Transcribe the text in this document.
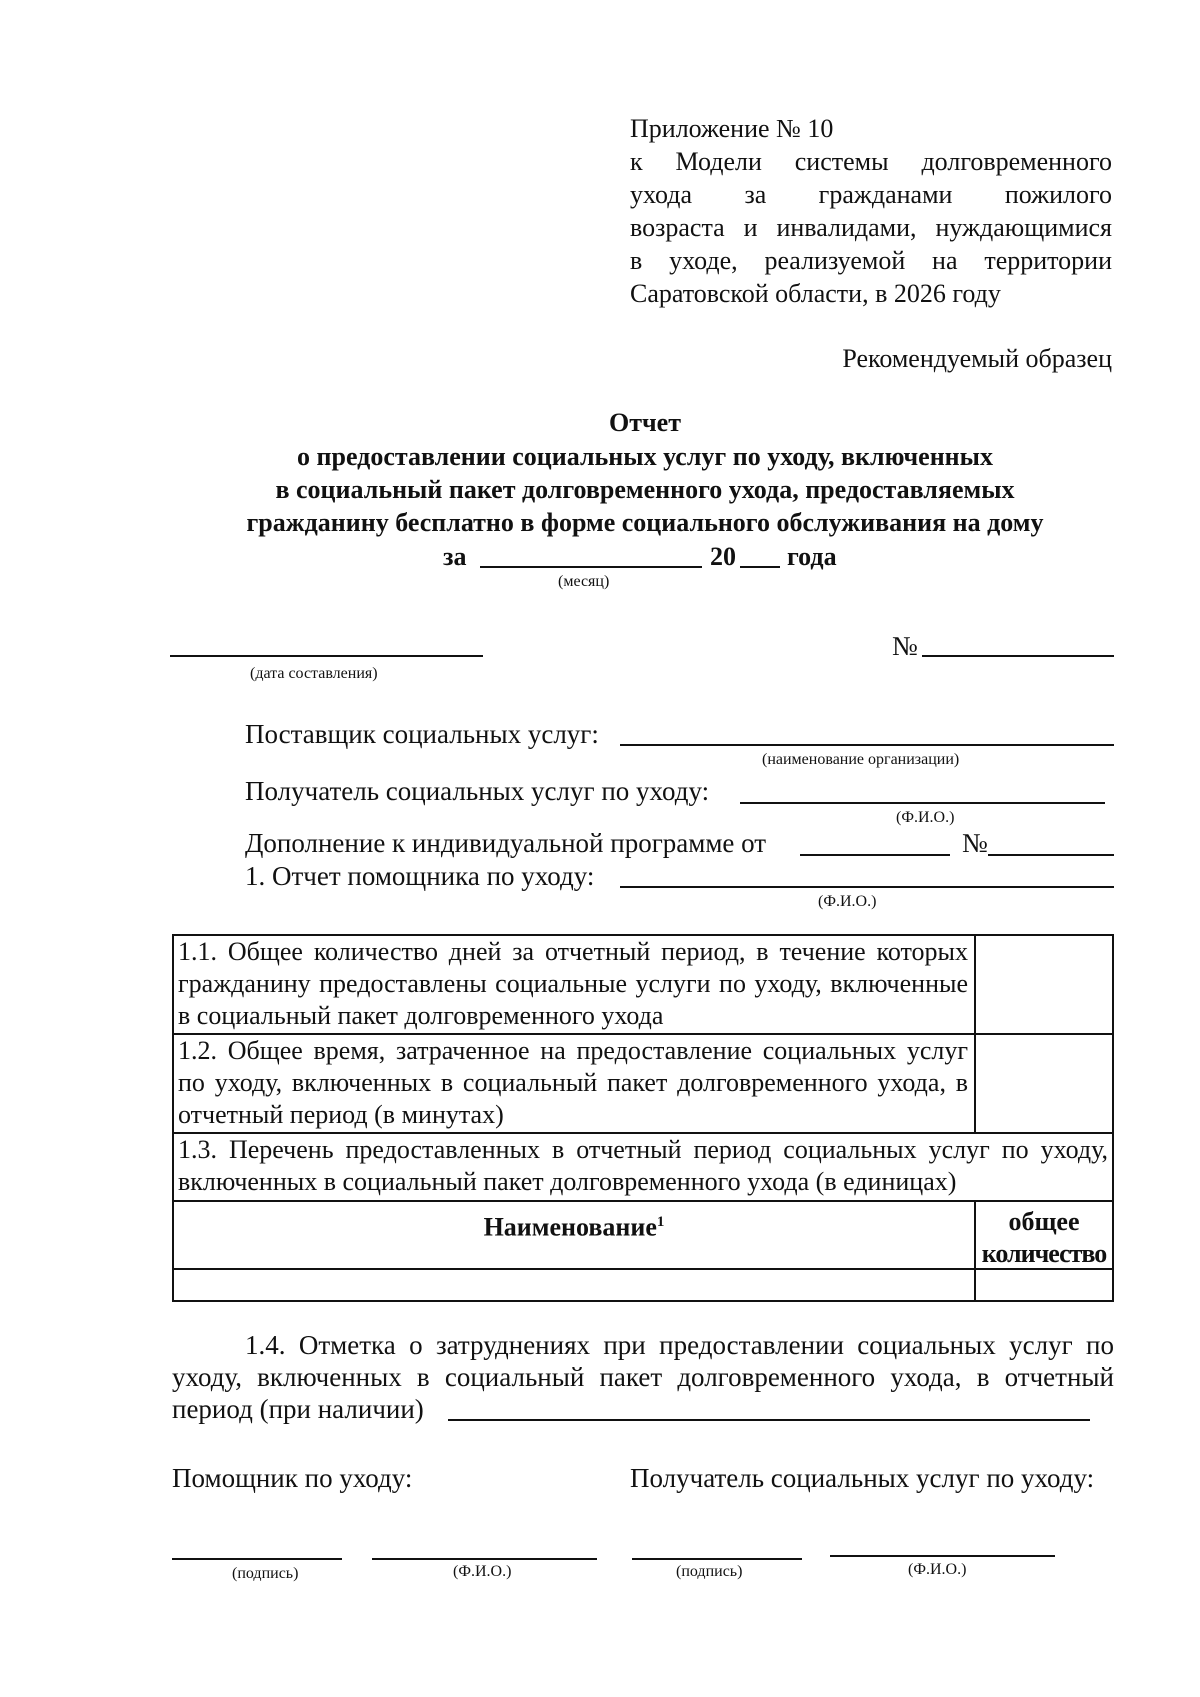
Приложение № 10
к Модели системы долговременного
ухода за гражданами пожилого
возраста и инвалидами, нуждающимися
в уходе, реализуемой на территории
Саратовской области, в 2026 году
Рекомендуемый образец
Отчет
о предоставлении социальных услуг по уходу, включенных
в социальный пакет долговременного ухода, предоставляемых
гражданину бесплатно в форме социального обслуживания на дому
за	20 года
(месяц)
(дата составления)
№
Поставщик социальных услуг:
(наименование организации)
Получатель социальных услуг по уходу:
(Ф.И.О.)
Дополнение к индивидуальной программе от	№
1. Отчет помощника по уходу:
(Ф.И.О.)
1.1. Общее количество дней за отчетный период, в течение которых гражданину предоставлены социальные услуги по уходу, включенные в социальный пакет долговременного ухода
1.2. Общее время, затраченное на предоставление социальных услуг по уходу, включенных в социальный пакет долговременного ухода, в отчетный период (в минутах)
1.3. Перечень предоставленных в отчетный период социальных услуг по уходу, включенных в социальный пакет долговременного ухода (в единицах)
Наименование$^1$	общее
количество
1.4. Отметка о затруднениях при предоставлении социальных услуг по уходу, включенных в социальный пакет долговременного ухода, в отчетный период (при наличии)
Помощник по уходу:	Получатель социальных услуг по уходу:
(подпись)	(Ф.И.О.)	(подпись)	(Ф.И.О.)
